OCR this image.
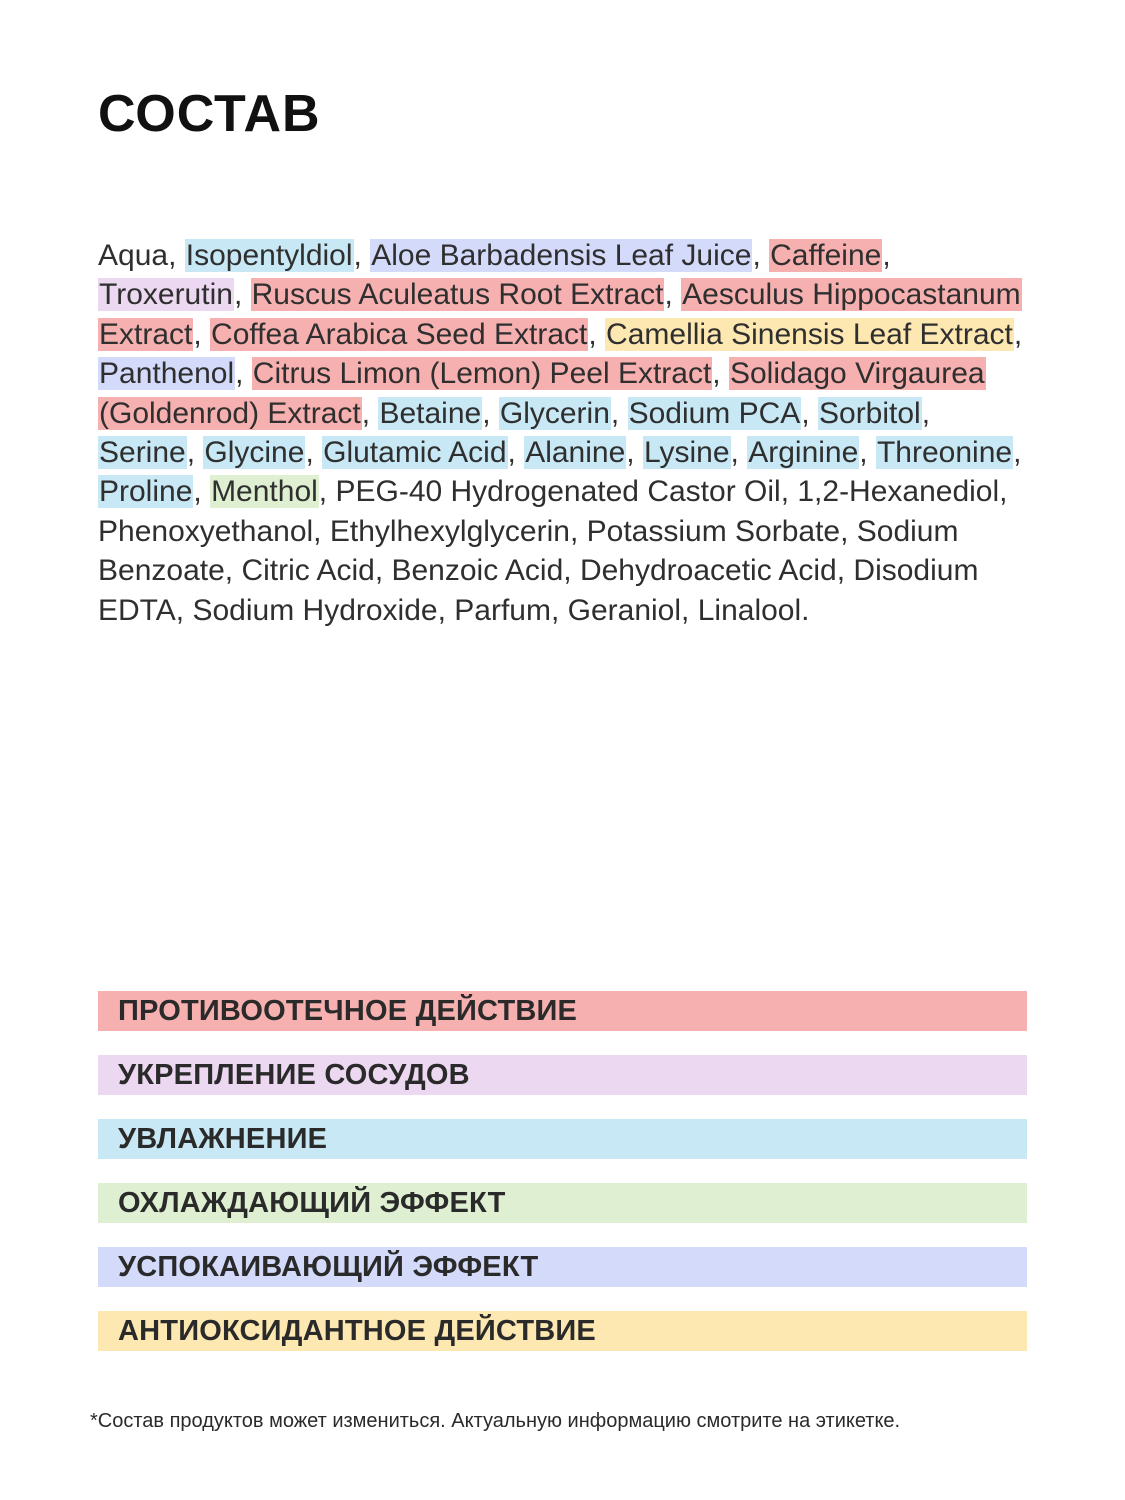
СОСТАВ

Aqua, Isopentyldiol, Aloe Barbadensis Leaf Juice, Caffeine, Troxerutin, Ruscus Aculeatus Root Extract, Aesculus Hippocastanum Extract, Coffea Arabica Seed Extract, Camellia Sinensis Leaf Extract, Panthenol, Citrus Limon (Lemon) Peel Extract, Solidago Virgaurea (Goldenrod) Extract, Betaine, Glycerin, Sodium PCA, Sorbitol, Serine, Glycine, Glutamic Acid, Alanine, Lysine, Arginine, Threonine, Proline, Menthol, PEG-40 Hydrogenated Castor Oil, 1,2-Hexanediol, Phenoxyethanol, Ethylhexylglycerin, Potassium Sorbate, Sodium Benzoate, Citric Acid, Benzoic Acid, Dehydroacetic Acid, Disodium EDTA, Sodium Hydroxide, Parfum, Geraniol, Linalool.

ПРОТИВООТЕЧНОЕ ДЕЙСТВИЕ
УКРЕПЛЕНИЕ СОСУДОВ
УВЛАЖНЕНИЕ
ОХЛАЖДАЮЩИЙ ЭФФЕКТ
УСПОКАИВАЮЩИЙ ЭФФЕКТ
АНТИОКСИДАНТНОЕ ДЕЙСТВИЕ

*Состав продуктов может измениться. Актуальную информацию смотрите на этикетке.
